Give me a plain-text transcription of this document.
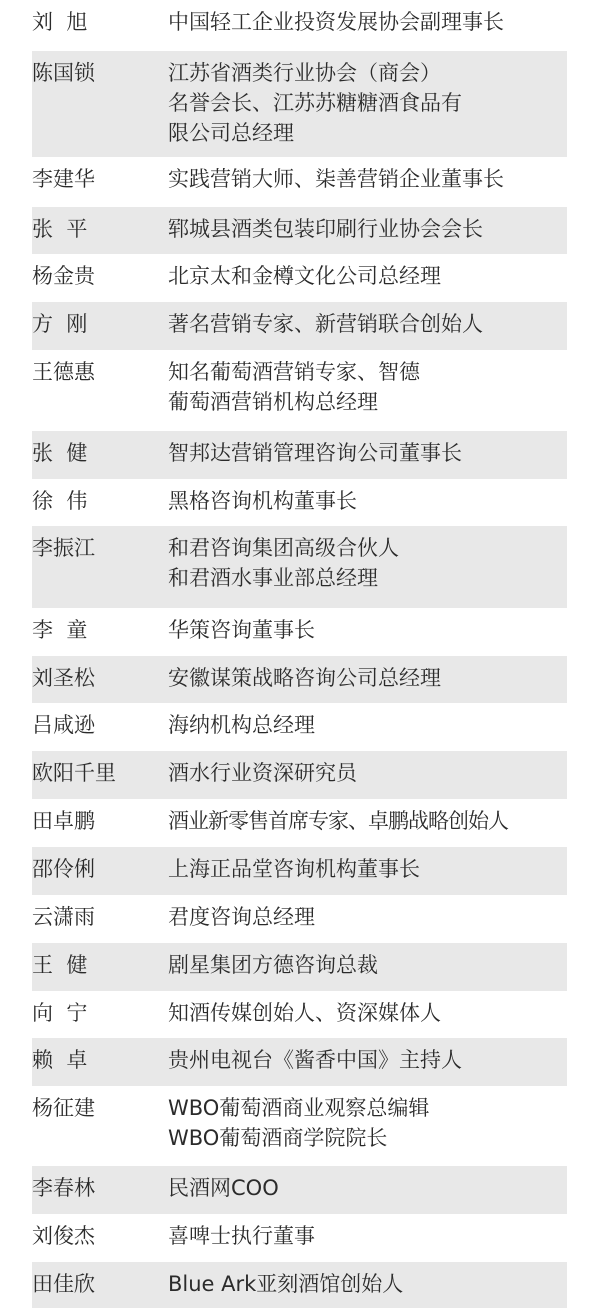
刘  旭	中国轻工企业投资发展协会副理事长
陈国锁	江苏省酒类行业协会（商会）
名誉会长、江苏苏糖糖酒食品有
限公司总经理
李建华	实践营销大师、柒善营销企业董事长
张  平	郓城县酒类包装印刷行业协会会长
杨金贵	北京太和金樽文化公司总经理
方  刚	著名营销专家、新营销联合创始人
王德惠	知名葡萄酒营销专家、智德
葡萄酒营销机构总经理
张  健	智邦达营销管理咨询公司董事长
徐  伟	黑格咨询机构董事长
李振江	和君咨询集团高级合伙人
和君酒水事业部总经理
李  童	华策咨询董事长
刘圣松	安徽谋策战略咨询公司总经理
吕咸逊	海纳机构总经理
欧阳千里	酒水行业资深研究员
田卓鹏	酒业新零售首席专家、卓鹏战略创始人
邵伶俐	上海正品堂咨询机构董事长
云潇雨	君度咨询总经理
王  健	剧星集团方德咨询总裁
向  宁	知酒传媒创始人、资深媒体人
赖  卓	贵州电视台《酱香中国》主持人
杨征建	WBO葡萄酒商业观察总编辑
WBO葡萄酒商学院院长
李春林	民酒网COO
刘俊杰	喜啤士执行董事
田佳欣	Blue Ark亚刻酒馆创始人
